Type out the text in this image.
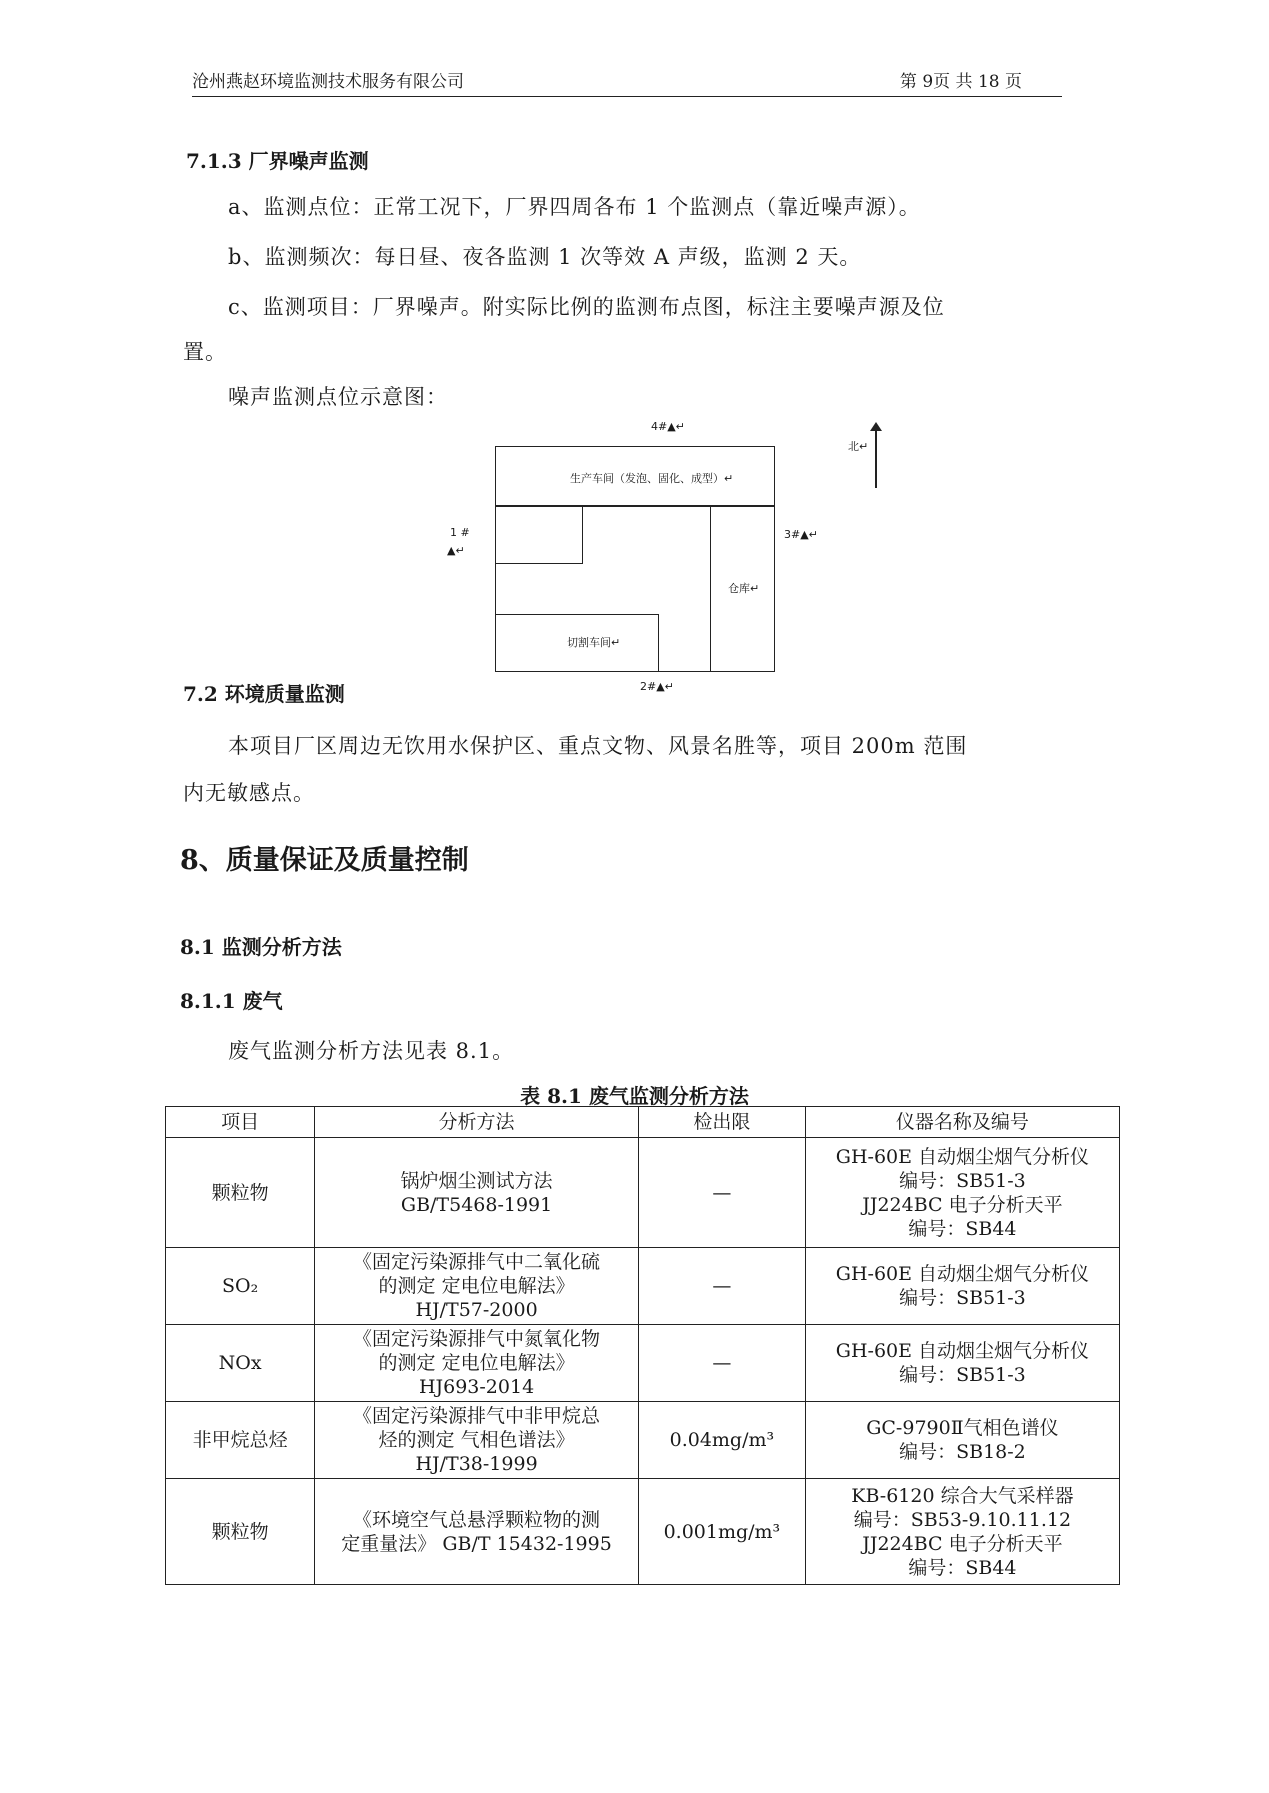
沧州燕赵环境监测技术服务有限公司	第 9页 共 18 页
7.1.3 厂界噪声监测
a、监测点位：正常工况下，厂界四周各布 1 个监测点（靠近噪声源）。
b、监测频次：每日昼、夜各监测 1 次等效 A 声级，监测 2 天。
c、监测项目：厂界噪声。附实际比例的监测布点图，标注主要噪声源及位
置。
噪声监测点位示意图：
4#▲↵
北↵
生产车间（发泡、固化、成型）↵
仓库↵
切割车间↵
1 #
▲↵
3#▲↵
2#▲↵
7.2 环境质量监测
本项目厂区周边无饮用水保护区、重点文物、风景名胜等，项目 200m 范围
内无敏感点。
8、质量保证及质量控制
8.1 监测分析方法
8.1.1 废气
废气监测分析方法见表 8.1。
表 8.1 废气监测分析方法
项目	分析方法	检出限	仪器名称及编号
颗粒物	锅炉烟尘测试方法
GB/T5468-1991	—	GH-60E 自动烟尘烟气分析仪
编号：SB51-3
JJ224BC 电子分析天平
编号：SB44

SO₂	《固定污染源排气中二氧化硫
的测定 定电位电解法》
HJ/T57-2000	—	GH-60E 自动烟尘烟气分析仪
编号：SB51-3

NOx	《固定污染源排气中氮氧化物
的测定 定电位电解法》
HJ693-2014	—	GH-60E 自动烟尘烟气分析仪
编号：SB51-3

非甲烷总烃	《固定污染源排气中非甲烷总
烃的测定 气相色谱法》
HJ/T38-1999	0.04mg/m³	GC-9790Ⅱ气相色谱仪
编号：SB18-2

颗粒物	《环境空气总悬浮颗粒物的测
定重量法》 GB/T 15432-1995	0.001mg/m³	KB-6120 综合大气采样器
编号：SB53-9.10.11.12
JJ224BC 电子分析天平
编号：SB44
